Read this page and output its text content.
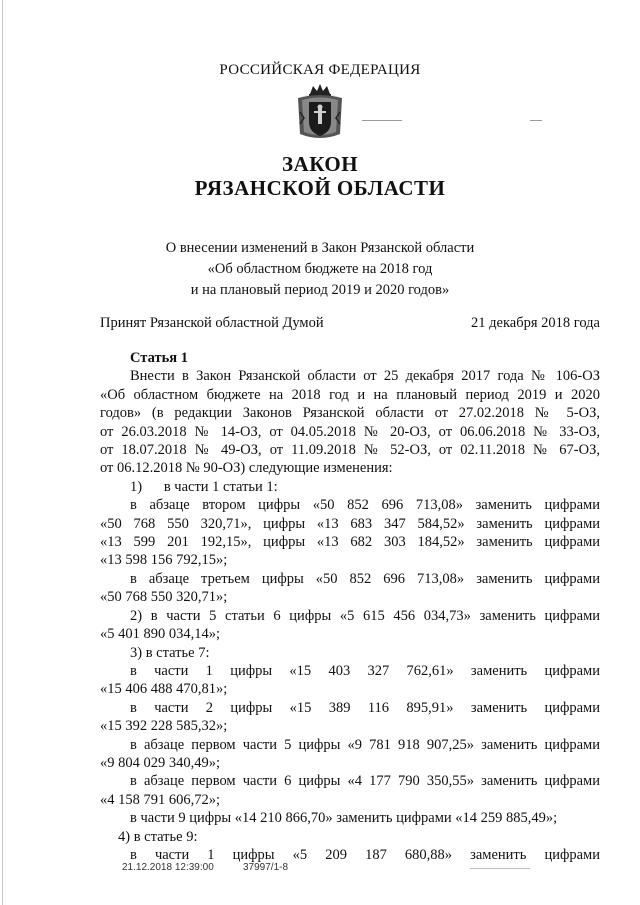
РОССИЙСКАЯ ФЕДЕРАЦИЯ
ЗАКОН
РЯЗАНСКОЙ ОБЛАСТИ
О внесении изменений в Закон Рязанской области
«Об областном бюджете на 2018 год
и на плановый период 2019 и 2020 годов»
Принят Рязанской областной Думой	21 декабря 2018 года
Статья 1
Внести в Закон Рязанской области от 25 декабря 2017 года № 106-ОЗ
«Об областном бюджете на 2018 год и на плановый период 2019 и 2020
годов» (в редакции Законов Рязанской области от 27.02.2018 № 5-ОЗ,
от 26.03.2018 № 14-ОЗ, от 04.05.2018 № 20-ОЗ, от 06.06.2018 № 33-ОЗ,
от 18.07.2018 № 49-ОЗ, от 11.09.2018 № 52-ОЗ, от 02.11.2018 № 67-ОЗ,
от 06.12.2018 № 90-ОЗ) следующие изменения:
1)      в части 1 статьи 1:
в абзаце втором цифры «50 852 696 713,08» заменить цифрами
«50 768 550 320,71», цифры «13 683 347 584,52» заменить цифрами
«13 599 201 192,15», цифры «13 682 303 184,52» заменить цифрами
«13 598 156 792,15»;
в абзаце третьем цифры «50 852 696 713,08» заменить цифрами
«50 768 550 320,71»;
2) в части 5 статьи 6 цифры «5 615 456 034,73» заменить цифрами
«5 401 890 034,14»;
3) в статье 7:
в части 1 цифры «15 403 327 762,61» заменить цифрами
«15 406 488 470,81»;
в части 2 цифры «15 389 116 895,91» заменить цифрами
«15 392 228 585,32»;
в абзаце первом части 5 цифры «9 781 918 907,25» заменить цифрами
«9 804 029 340,49»;
в абзаце первом части 6 цифры «4 177 790 350,55» заменить цифрами
«4 158 791 606,72»;
в части 9 цифры «14 210 866,70» заменить цифрами «14 259 885,49»;
4) в статье 9:
в части 1 цифры «5 209 187 680,88» заменить цифрами
21.12.2018 12:39:00	37997/1-8
